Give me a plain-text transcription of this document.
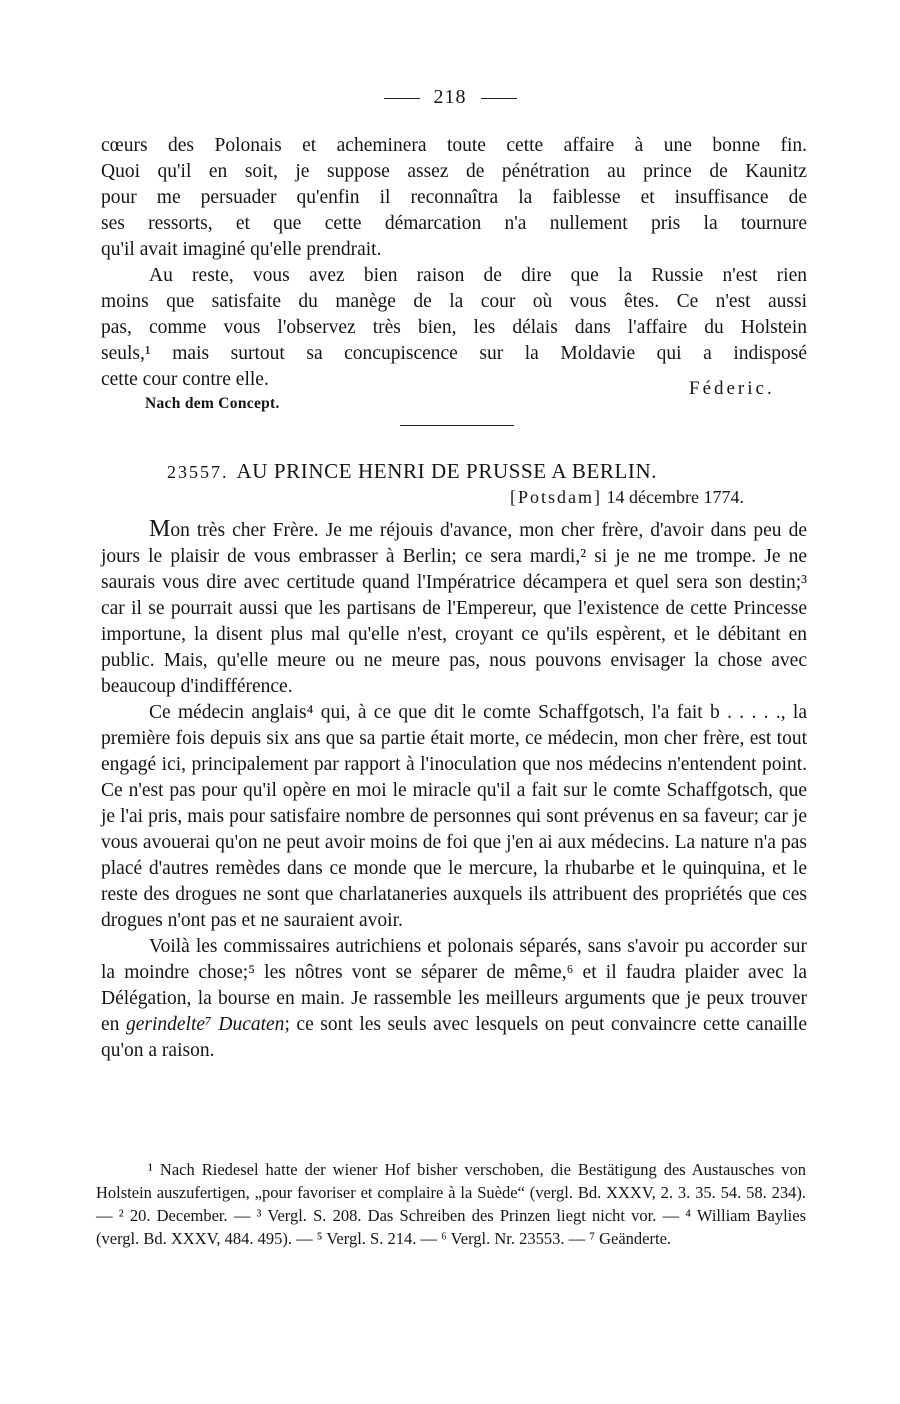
218

cœurs des Polonais et acheminera toute cette affaire à une bonne fin.

Quoi qu'il en soit, je suppose assez de pénétration au prince de Kaunitz

pour me persuader qu'enfin il reconnaîtra la faiblesse et insuffisance de

ses ressorts, et que cette démarcation n'a nullement pris la tournure

qu'il avait imaginé qu'elle prendrait.

Au reste, vous avez bien raison de dire que la Russie n'est rien

moins que satisfaite du manège de la cour où vous êtes. Ce n'est aussi

pas, comme vous l'observez très bien, les délais dans l'affaire du Holstein

seuls,¹ mais surtout sa concupiscence sur la Moldavie qui a indisposé

cette cour contre elle.	Féderic.
Nach dem Concept.
23557. AU PRINCE HENRI DE PRUSSE A BERLIN.
[Potsdam] 14 décembre 1774.

Mon très cher Frère. Je me réjouis d'avance, mon cher frère, d'avoir dans peu de jours le plaisir de vous embrasser à Berlin; ce sera mardi,² si je ne me trompe. Je ne saurais vous dire avec certitude quand l'Impératrice décampera et quel sera son destin;³ car il se pourrait aussi que les partisans de l'Empereur, que l'existence de cette Princesse importune, la disent plus mal qu'elle n'est, croyant ce qu'ils espèrent, et le débitant en public. Mais, qu'elle meure ou ne meure pas, nous pouvons envisager la chose avec beaucoup d'indifférence.

Ce médecin anglais⁴ qui, à ce que dit le comte Schaffgotsch, l'a fait b . . . . ., la première fois depuis six ans que sa partie était morte, ce médecin, mon cher frère, est tout engagé ici, principalement par rapport à l'inoculation que nos médecins n'entendent point. Ce n'est pas pour qu'il opère en moi le miracle qu'il a fait sur le comte Schaffgotsch, que je l'ai pris, mais pour satisfaire nombre de personnes qui sont prévenus en sa faveur; car je vous avouerai qu'on ne peut avoir moins de foi que j'en ai aux médecins. La nature n'a pas placé d'autres remèdes dans ce monde que le mercure, la rhubarbe et le quinquina, et le reste des drogues ne sont que charlataneries auxquels ils attribuent des propriétés que ces drogues n'ont pas et ne sauraient avoir.

Voilà les commissaires autrichiens et polonais séparés, sans s'avoir pu accorder sur la moindre chose;⁵ les nôtres vont se séparer de même,⁶ et il faudra plaider avec la Délégation, la bourse en main. Je rassemble les meilleurs arguments que je peux trouver en gerindelte⁷ Ducaten; ce sont les seuls avec lesquels on peut convaincre cette canaille qu'on a raison.

¹ Nach Riedesel hatte der wiener Hof bisher verschoben, die Bestätigung des Austausches von Holstein auszufertigen, „pour favoriser et complaire à la Suède“ (vergl. Bd. XXXV, 2. 3. 35. 54. 58. 234). — ² 20. December. — ³ Vergl. S. 208. Das Schreiben des Prinzen liegt nicht vor. — ⁴ William Baylies (vergl. Bd. XXXV, 484. 495). — ⁵ Vergl. S. 214. — ⁶ Vergl. Nr. 23553. — ⁷ Geänderte.
